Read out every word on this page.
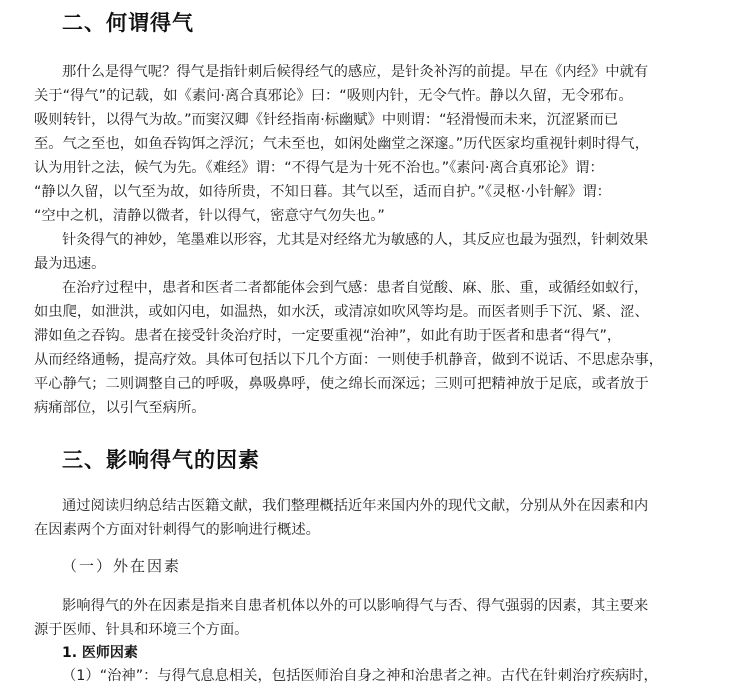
二、何谓得气
那什么是得气呢？得气是指针刺后候得经气的感应，是针灸补泻的前提。早在《内经》中就有
关于“得气”的记载，如《素问·离合真邪论》曰：“吸则内针，无令气忤。静以久留，无令邪布。
吸则转针，以得气为故。”而窦汉卿《针经指南·标幽赋》中则谓：“轻滑慢而未来，沉涩紧而已
至。气之至也，如鱼吞钩饵之浮沉；气未至也，如闲处幽堂之深邃。”历代医家均重视针刺时得气，
认为用针之法，候气为先。《难经》谓：“不得气是为十死不治也。”《素问·离合真邪论》谓：
“静以久留，以气至为故，如待所贵，不知日暮。其气以至，适而自护。”《灵枢·小针解》谓：
“空中之机，清静以微者，针以得气，密意守气勿失也。”
针灸得气的神妙，笔墨难以形容，尤其是对经络尤为敏感的人，其反应也最为强烈，针刺效果
最为迅速。
在治疗过程中，患者和医者二者都能体会到气感：患者自觉酸、麻、胀、重，或循经如蚁行，
如虫爬，如泄洪，或如闪电，如温热，如水沃，或清凉如吹风等均是。而医者则手下沉、紧、涩、
滞如鱼之吞钩。患者在接受针灸治疗时，一定要重视“治神”，如此有助于医者和患者“得气”，
从而经络通畅，提高疗效。具体可包括以下几个方面：一则使手机静音，做到不说话、不思虑杂事，
平心静气；二则调整自己的呼吸，鼻吸鼻呼，使之绵长而深远；三则可把精神放于足底，或者放于
病痛部位，以引气至病所。
三、影响得气的因素
通过阅读归纳总结古医籍文献，我们整理概括近年来国内外的现代文献，分别从外在因素和内
在因素两个方面对针刺得气的影响进行概述。
（一）外在因素
影响得气的外在因素是指来自患者机体以外的可以影响得气与否、得气强弱的因素，其主要来
源于医师、针具和环境三个方面。
1. 医师因素
（1）“治神”：与得气息息相关，包括医师治自身之神和治患者之神。古代在针刺治疗疾病时，
